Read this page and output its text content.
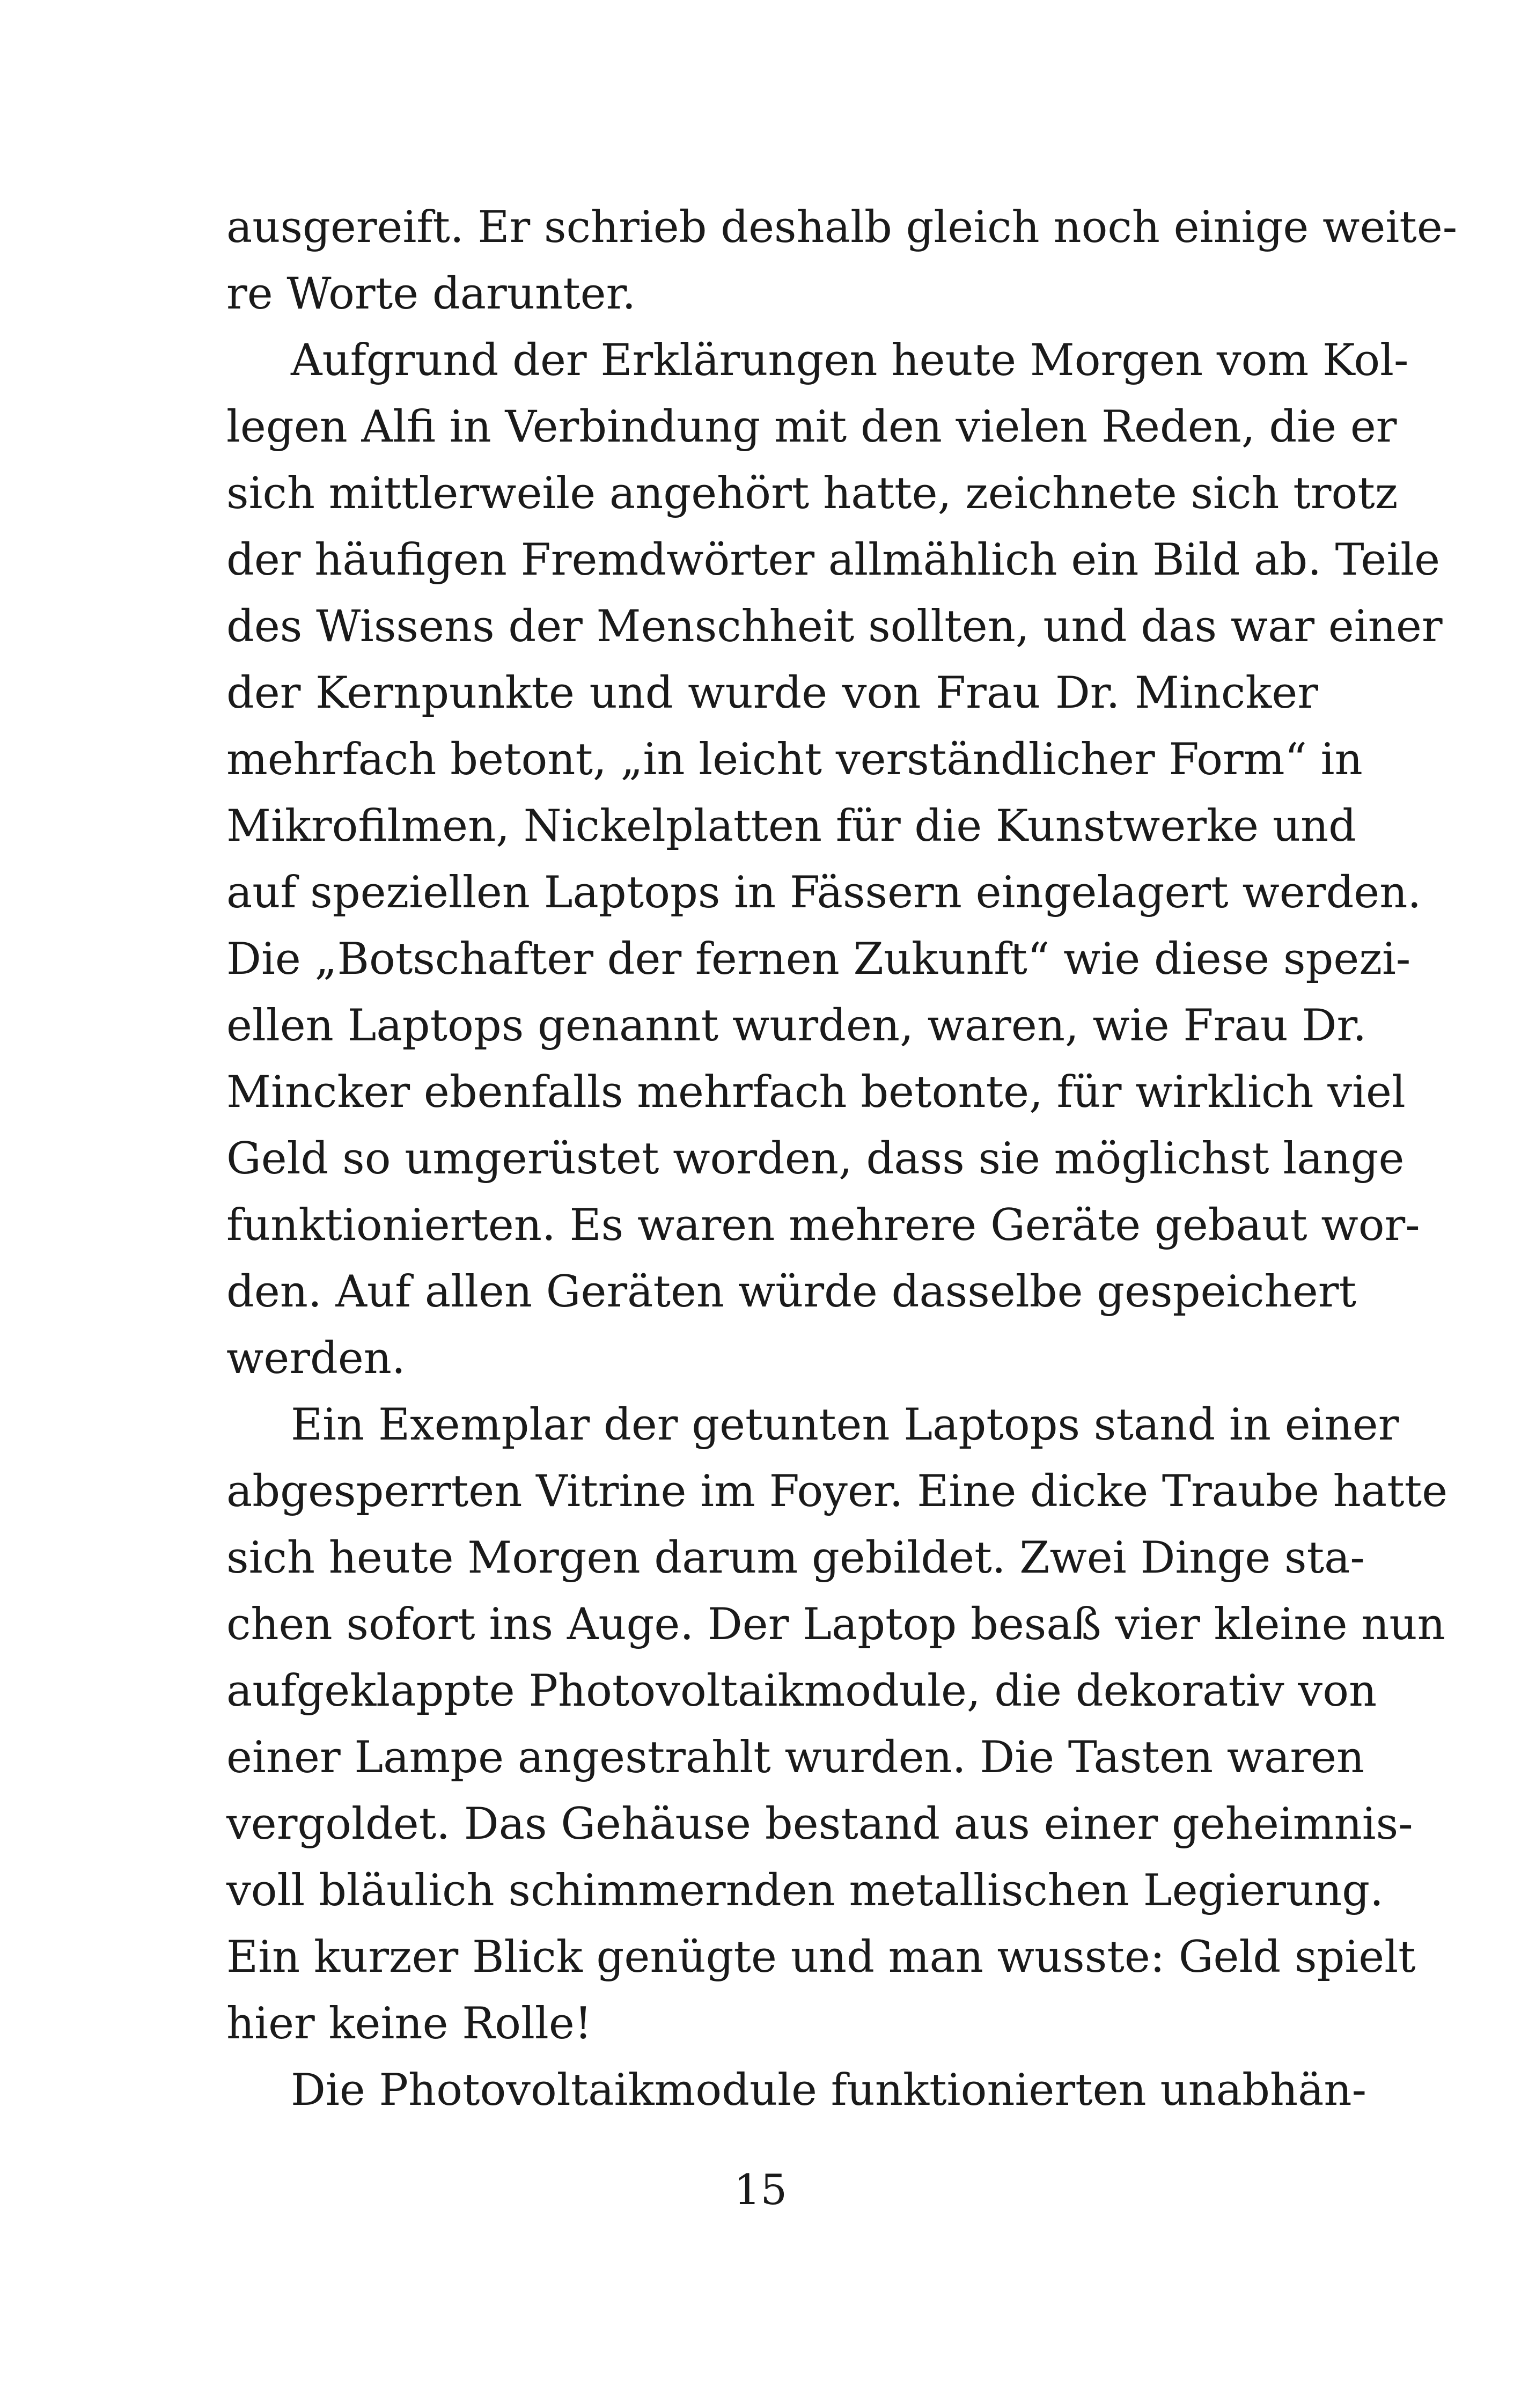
ausgereift. Er schrieb deshalb gleich noch einige weite-
re Worte darunter.
Aufgrund der Erklärungen heute Morgen vom Kol-
legen Alfi in Verbindung mit den vielen Reden, die er
sich mittlerweile angehört hatte, zeichnete sich trotz
der häufigen Fremdwörter allmählich ein Bild ab. Teile
des Wissens der Menschheit sollten, und das war einer
der Kernpunkte und wurde von Frau Dr. Mincker
mehrfach betont, „in leicht verständlicher Form“ in
Mikrofilmen, Nickelplatten für die Kunstwerke und
auf speziellen Laptops in Fässern eingelagert werden.
Die „Botschafter der fernen Zukunft“ wie diese spezi-
ellen Laptops genannt wurden, waren, wie Frau Dr.
Mincker ebenfalls mehrfach betonte, für wirklich viel
Geld so umgerüstet worden, dass sie möglichst lange
funktionierten. Es waren mehrere Geräte gebaut wor-
den. Auf allen Geräten würde dasselbe gespeichert
werden.
Ein Exemplar der getunten Laptops stand in einer
abgesperrten Vitrine im Foyer. Eine dicke Traube hatte
sich heute Morgen darum gebildet. Zwei Dinge sta-
chen sofort ins Auge. Der Laptop besaß vier kleine nun
aufgeklappte Photovoltaikmodule, die dekorativ von
einer Lampe angestrahlt wurden. Die Tasten waren
vergoldet. Das Gehäuse bestand aus einer geheimnis-
voll bläulich schimmernden metallischen Legierung.
Ein kurzer Blick genügte und man wusste: Geld spielt
hier keine Rolle!
Die Photovoltaikmodule funktionierten unabhän-
15
